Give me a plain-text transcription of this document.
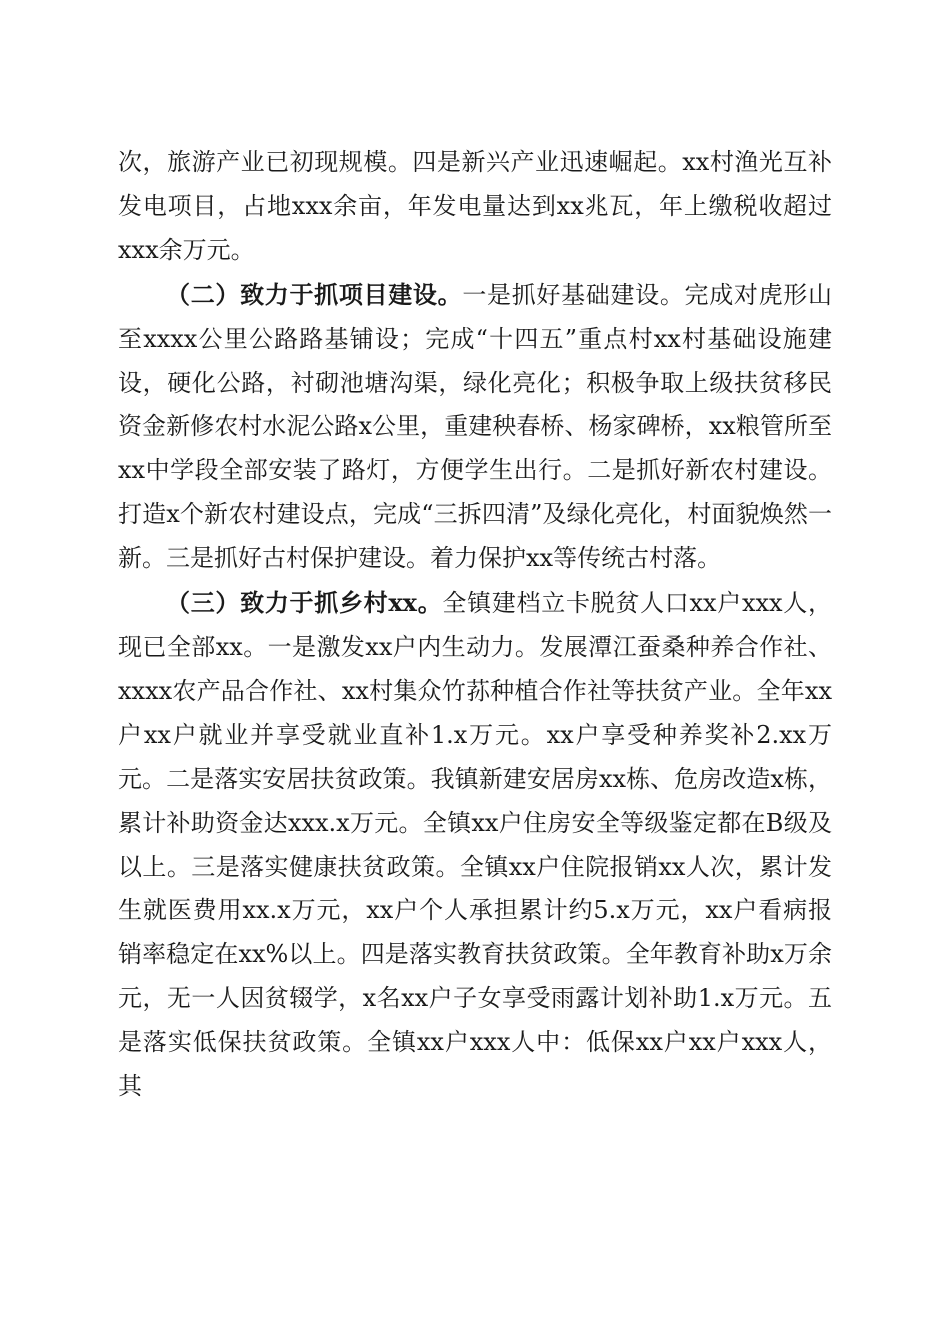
次，旅游产业已初现规模。四是新兴产业迅速崛起。xx村渔光互补发电项目，占地xxx余亩，年发电量达到xx兆瓦，年上缴税收超过xxx余万元。

（二）致力于抓项目建设。一是抓好基础建设。完成对虎形山至xxxx公里公路路基铺设；完成“十四五”重点村xx村基础设施建设，硬化公路，衬砌池塘沟渠，绿化亮化；积极争取上级扶贫移民资金新修农村水泥公路x公里，重建秧春桥、杨家碑桥，xx粮管所至xx中学段全部安装了路灯，方便学生出行。二是抓好新农村建设。打造x个新农村建设点，完成“三拆四清”及绿化亮化，村面貌焕然一新。三是抓好古村保护建设。着力保护xx等传统古村落。

（三）致力于抓乡村xx。全镇建档立卡脱贫人口xx户xxx人，现已全部xx。一是激发xx户内生动力。发展潭江蚕桑种养合作社、xxxx农产品合作社、xx村集众竹荪种植合作社等扶贫产业。全年xx户xx户就业并享受就业直补1.x万元。xx户享受种养奖补2.xx万元。二是落实安居扶贫政策。我镇新建安居房xx栋、危房改造x栋，累计补助资金达xxx.x万元。全镇xx户住房安全等级鉴定都在B级及以上。三是落实健康扶贫政策。全镇xx户住院报销xx人次，累计发生就医费用xx.x万元，xx户个人承担累计约5.x万元，xx户看病报销率稳定在xx%以上。四是落实教育扶贫政策。全年教育补助x万余元，无一人因贫辍学，x名xx户子女享受雨露计划补助1.x万元。五是落实低保扶贫政策。全镇xx户xxx人中：低保xx户xx户xxx人，其
